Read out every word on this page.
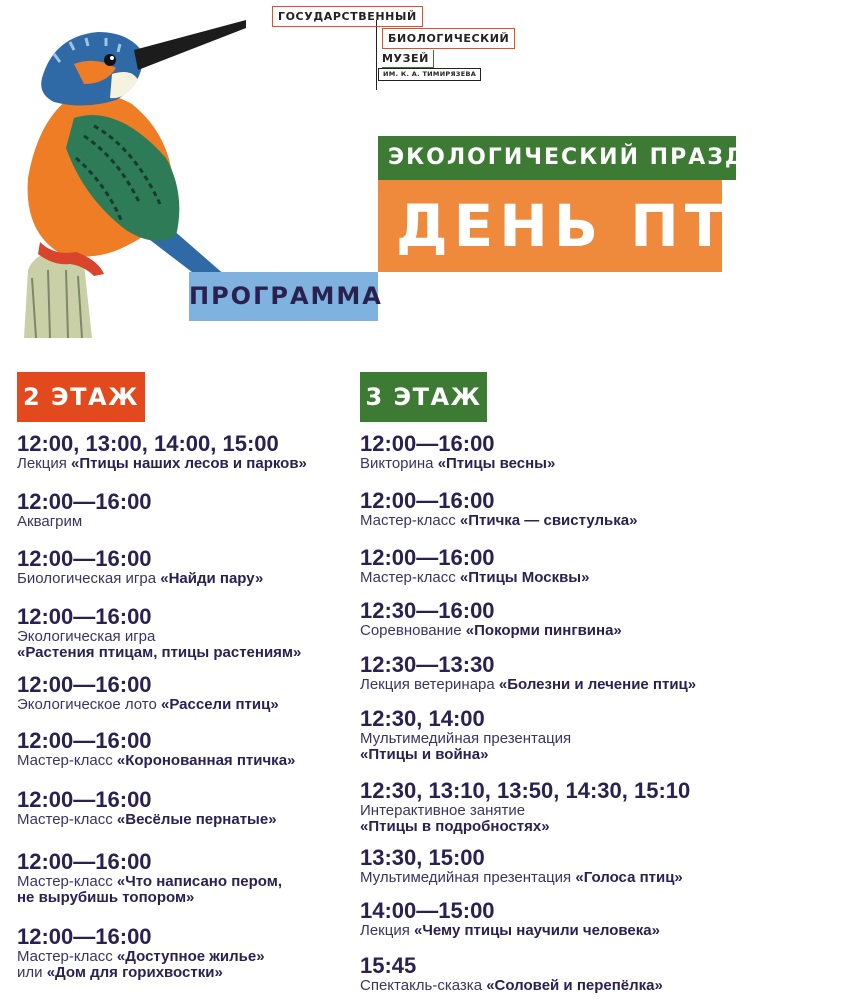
ГОСУДАРСТВЕННЫЙ
БИОЛОГИЧЕСКИЙ
МУЗЕЙ
ИМ. К. А. ТИМИРЯЗЕВА
ЭКОЛОГИЧЕСКИЙ ПРАЗДНИК
ДЕНЬ ПТИЦ
ПРОГРАММА
2 ЭТАЖ	3 ЭТАЖ
12:00, 13:00, 14:00, 15:00
Лекция «Птицы наших лесов и парков»
12:00—16:00
Аквагрим
12:00—16:00
Биологическая игра «Найди пару»
12:00—16:00
Экологическая игра
«Растения птицам, птицы растениям»
12:00—16:00
Экологическое лото «Рассели птиц»
12:00—16:00
Мастер-класс «Коронованная птичка»
12:00—16:00
Мастер-класс «Весёлые пернатые»
12:00—16:00
Мастер-класс «Что написано пером,
не вырубишь топором»
12:00—16:00
Мастер-класс «Доступное жилье»
или «Дом для горихвостки»
12:00—16:00
Викторина «Птицы весны»
12:00—16:00
Мастер-класс «Птичка — свистулька»
12:00—16:00
Мастер-класс «Птицы Москвы»
12:30—16:00
Соревнование «Покорми пингвина»
12:30—13:30
Лекция ветеринара «Болезни и лечение птиц»
12:30, 14:00
Мультимедийная презентация
«Птицы и война»
12:30, 13:10, 13:50, 14:30, 15:10
Интерактивное занятие
«Птицы в подробностях»
13:30, 15:00
Мультимедийная презентация «Голоса птиц»
14:00—15:00
Лекция «Чему птицы научили человека»
15:45
Спектакль-сказка «Соловей и перепёлка»
